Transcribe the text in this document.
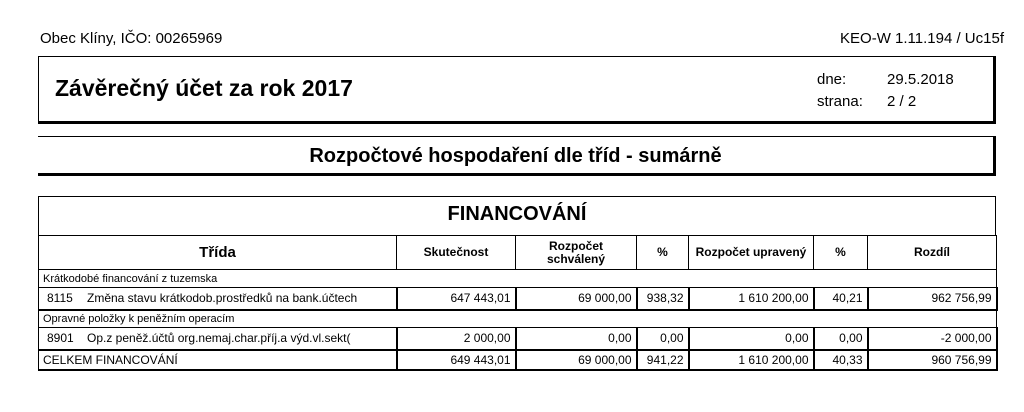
Obec Klíny, IČO: 00265969	KEO-W 1.11.194 / Uc15f
Závěrečný účet za rok 2017	dne:	29.5.2018
strana: 2 / 2
Rozpočtové hospodaření dle tříd - sumárně
FINANCOVÁNÍ
Třída	Skutečnost	Rozpočet schválený	%	Rozpočet upravený	%	Rozdíl
Krátkodobé financování z tuzemska						
8115 Změna stavu krátkodob.prostředků na bank.účtech	647 443,01	69 000,00	938,32	1 610 200,00	40,21	962 756,99
Opravné položky k peněžním operacím						
8901 Op.z peněž.účtů org.nemaj.char.příj.a výd.vl.sekt(	2 000,00	0,00	0,00	0,00	0,00	-2 000,00
CELKEM FINANCOVÁNÍ	649 443,01	69 000,00	941,22	1 610 200,00	40,33	960 756,99
